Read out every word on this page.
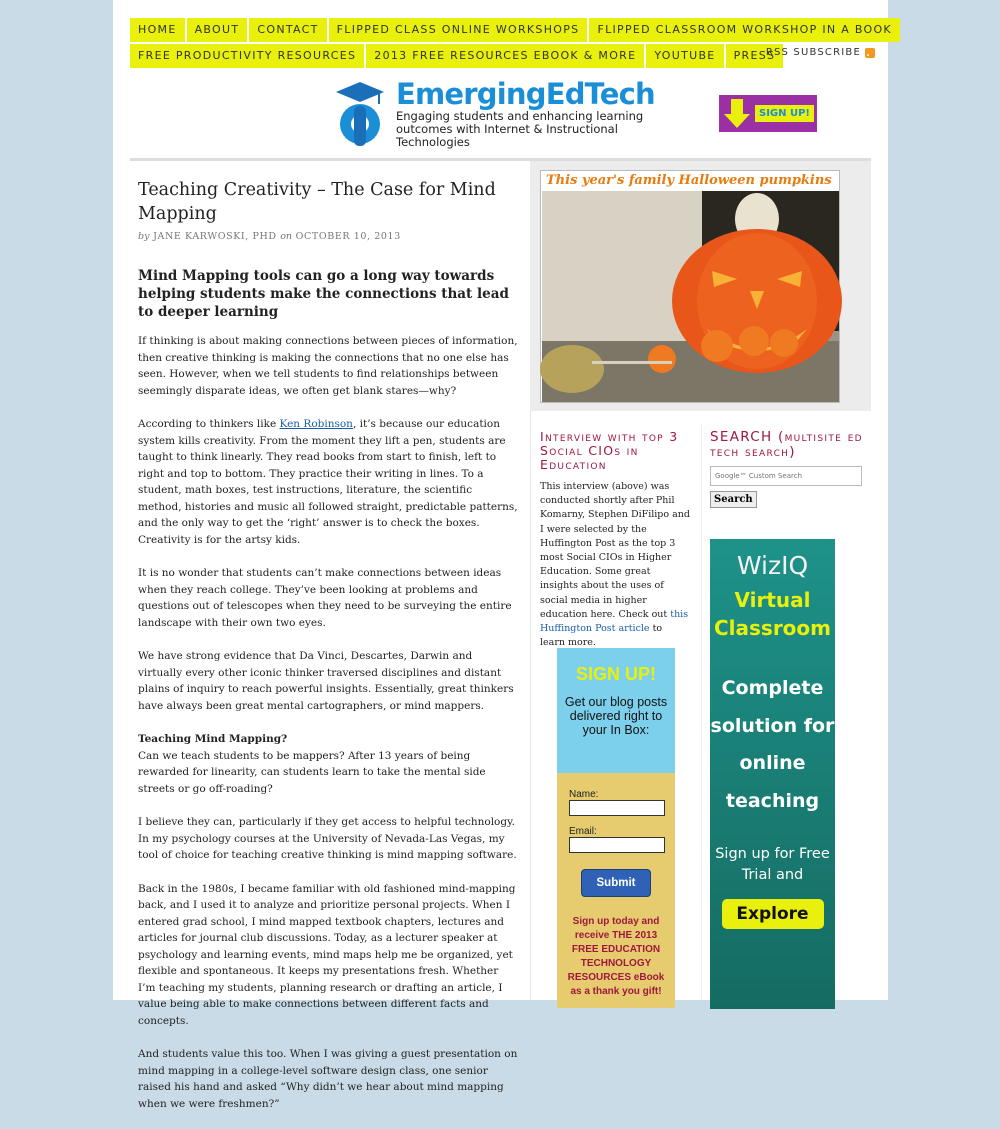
HOME	ABOUT	CONTACT	FLIPPED CLASS ONLINE WORKSHOPS	FLIPPED CLASSROOM WORKSHOP IN A BOOK
FREE PRODUCTIVITY RESOURCES	2013 FREE RESOURCES EBOOK & MORE	YOUTUBE	PRESS
RSS SUBSCRIBE
EmergingEdTech
Engaging students and enhancing learning
outcomes with Internet & Instructional Technologies
SIGN UP!
Teaching Creativity – The Case for Mind Mapping
by JANE KARWOSKI, PHD on OCTOBER 10, 2013
Mind Mapping tools can go a long way towards helping students make the connections that lead to deeper learning

If thinking is about making connections between pieces of information, then creative thinking is making the connections that no one else has seen. However, when we tell students to find relationships between seemingly disparate ideas, we often get blank stares—why?

According to thinkers like Ken Robinson, it’s because our education system kills creativity. From the moment they lift a pen, students are taught to think linearly. They read books from start to finish, left to right and top to bottom. They practice their writing in lines. To a student, math boxes, test instructions, literature, the scientific method, histories and music all followed straight, predictable patterns, and the only way to get the ‘right’ answer is to check the boxes. Creativity is for the artsy kids.

It is no wonder that students can’t make connections between ideas when they reach college. They’ve been looking at problems and questions out of telescopes when they need to be surveying the entire landscape with their own two eyes.

We have strong evidence that Da Vinci, Descartes, Darwin and virtually every other iconic thinker traversed disciplines and distant plains of inquiry to reach powerful insights. Essentially, great thinkers have always been great mental cartographers, or mind mappers.

Teaching Mind Mapping?

Can we teach students to be mappers? After 13 years of being rewarded for linearity, can students learn to take the mental side streets or go off-roading?

I believe they can, particularly if they get access to helpful technology. In my psychology courses at the University of Nevada-Las Vegas, my tool of choice for teaching creative thinking is mind mapping software.

Back in the 1980s, I became familiar with old fashioned mind-mapping back, and I used it to analyze and prioritize personal projects. When I entered grad school, I mind mapped textbook chapters, lectures and articles for journal club discussions. Today, as a lecturer speaker at psychology and learning events, mind maps help me be organized, yet flexible and spontaneous. It keeps my presentations fresh. Whether I’m teaching my students, planning research or drafting an article, I value being able to make connections between different facts and concepts.

And students value this too. When I was giving a guest presentation on mind mapping in a college-level software design class, one senior raised his hand and asked “Why didn’t we hear about mind mapping when we were freshmen?”

This year's family Halloween pumpkins
Interview with top 3 Social CIOs in Education

This interview (above) was conducted shortly after Phil Komarny, Stephen DiFilipo and I were selected by the Huffington Post as the top 3 most Social CIOs in Higher Education. Some great insights about the uses of social media in higher education here. Check out this Huffington Post article to learn more.

SEARCH (multisite ed tech search)
Google™ Custom Search Search
SIGN UP!
Get our blog posts delivered right to your In Box:
Name:
Email:
Submit
Sign up today and receive THE 2013 FREE EDUCATION TECHNOLOGY RESOURCES eBook as a thank you gift!
WizIQ
Virtual Classroom
Complete solution for online teaching
Sign up for Free Trial and
Explore
